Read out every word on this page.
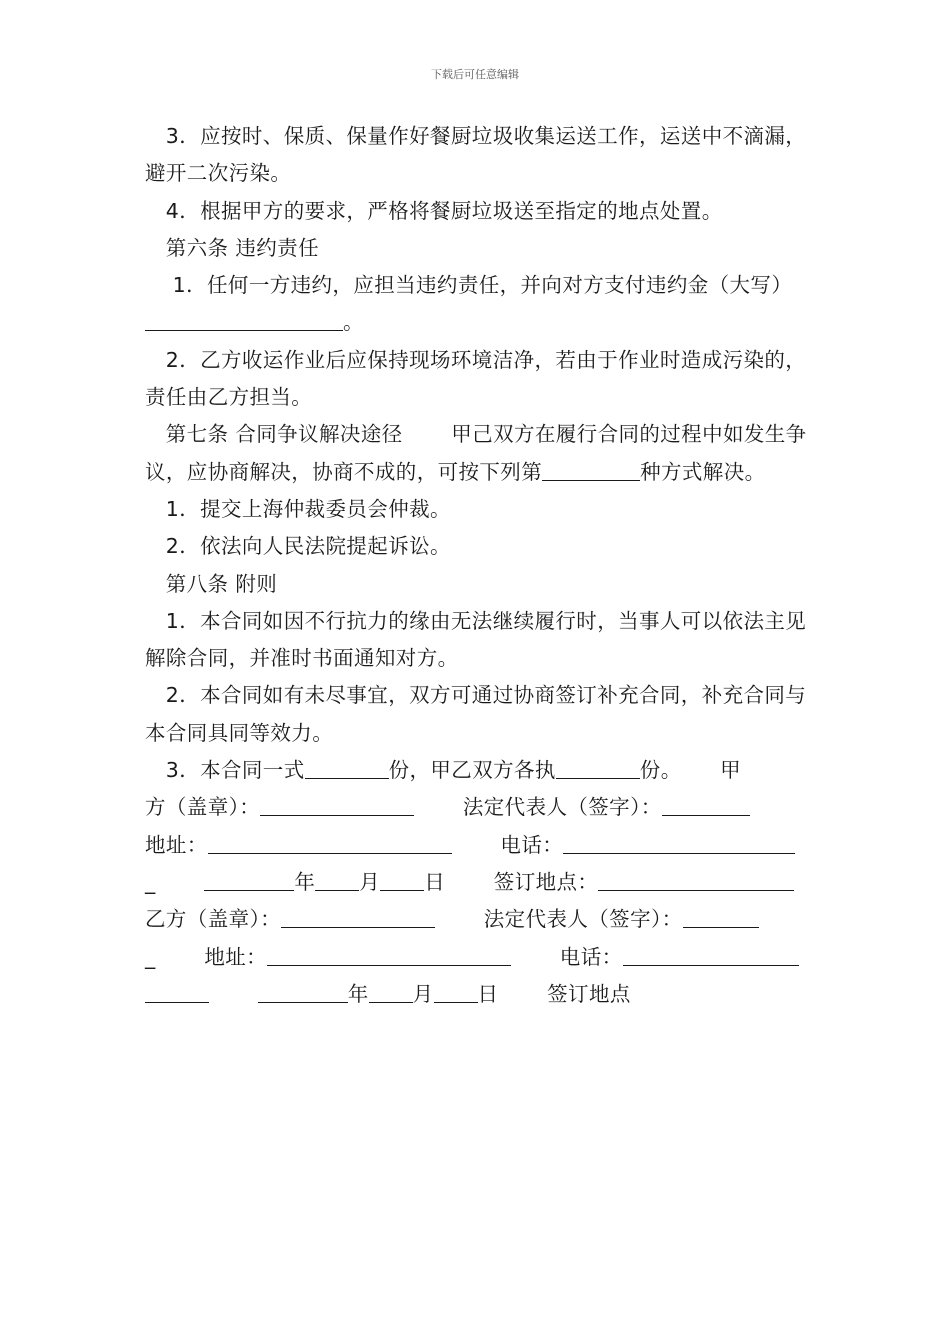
下载后可任意编辑

3．应按时、保质、保量作好餐厨垃圾收集运送工作，运送中不滴漏，避开二次污染。

4．根据甲方的要求，严格将餐厨垃圾送至指定的地点处置。

第六条 违约责任

1．任何一方违约，应担当违约责任，并向对方支付违约金（大写）。

2．乙方收运作业后应保持现场环境洁净，若由于作业时造成污染的，责任由乙方担当。

第七条 合同争议解决途径　　 甲己双方在履行合同的过程中如发生争议，应协商解决，协商不成的，可按下列第	种方式解决。

1．提交上海仲裁委员会仲裁。

2．依法向人民法院提起诉讼。

第八条 附则

1．本合同如因不行抗力的缘由无法继续履行时，当事人可以依法主见解除合同，并准时书面通知对方。

2．本合同如有未尽事宜，双方可通过协商签订补充合同，补充合同与本合同具同等效力。

3．本合同一式	份，甲乙双方各执	份。　　 甲
方（盖章）：	　　 法定代表人（签字）：
地址：	　　 电话：
_　　	年 月 日　　 签订地点：
乙方（盖章）：	　　 法定代表人（签字）：
_　　 地址：	　　 电话：
　　 年 月 日　　 签订地点
